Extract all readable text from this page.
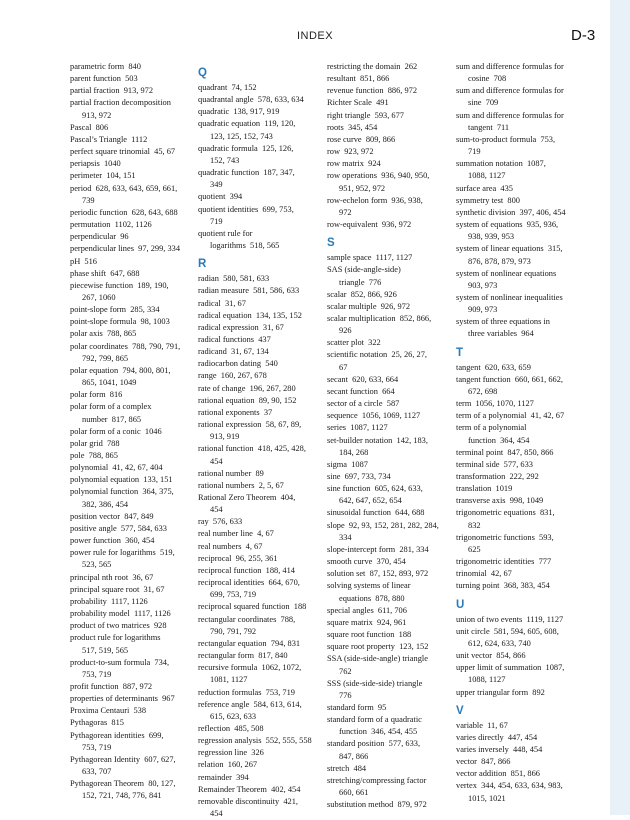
INDEX	D-3
parametric form  840
parent function  503
partial fraction  913, 972
partial fraction decomposition
913, 972
Pascal  806
Pascal’s Triangle  1112
perfect square trinomial  45, 67
periapsis  1040
perimeter  104, 151
period  628, 633, 643, 659, 661,
739
periodic function  628, 643, 688
permutation  1102, 1126
perpendicular  96
perpendicular lines  97, 299, 334
pH  516
phase shift  647, 688
piecewise function  189, 190,
267, 1060
point-slope form  285, 334
point-slope formula  98, 1003
polar axis  788, 865
polar coordinates  788, 790, 791,
792, 799, 865
polar equation  794, 800, 801,
865, 1041, 1049
polar form  816
polar form of a complex
number  817, 865
polar form of a conic  1046
polar grid  788
pole  788, 865
polynomial  41, 42, 67, 404
polynomial equation  133, 151
polynomial function  364, 375,
382, 386, 454
position vector  847, 849
positive angle  577, 584, 633
power function  360, 454
power rule for logarithms  519,
523, 565
principal nth root  36, 67
principal square root  31, 67
probability  1117, 1126
probability model  1117, 1126
product of two matrices  928
product rule for logarithms
517, 519, 565
product-to-sum formula  734,
753, 719
profit function  887, 972
properties of determinants  967
Proxima Centauri  538
Pythagoras  815
Pythagorean identities  699,
753, 719
Pythagorean Identity  607, 627,
633, 707
Pythagorean Theorem  80, 127,
152, 721, 748, 776, 841
Q
quadrant  74, 152
quadrantal angle  578, 633, 634
quadratic  138, 917, 919
quadratic equation  119, 120,
123, 125, 152, 743
quadratic formula  125, 126,
152, 743
quadratic function  187, 347,
349
quotient  394
quotient identities  699, 753,
719
quotient rule for
logarithms  518, 565
R
radian  580, 581, 633
radian measure  581, 586, 633
radical  31, 67
radical equation  134, 135, 152
radical expression  31, 67
radical functions  437
radicand  31, 67, 134
radiocarbon dating  540
range  160, 267, 678
rate of change  196, 267, 280
rational equation  89, 90, 152
rational exponents  37
rational expression  58, 67, 89,
913, 919
rational function  418, 425, 428,
454
rational number  89
rational numbers  2, 5, 67
Rational Zero Theorem  404,
454
ray  576, 633
real number line  4, 67
real numbers  4, 67
reciprocal  96, 255, 361
reciprocal function  188, 414
reciprocal identities  664, 670,
699, 753, 719
reciprocal squared function  188
rectangular coordinates  788,
790, 791, 792
rectangular equation  794, 831
rectangular form  817, 840
recursive formula  1062, 1072,
1081, 1127
reduction formulas  753, 719
reference angle  584, 613, 614,
615, 623, 633
reflection  485, 508
regression analysis  552, 555, 558
regression line  326
relation  160, 267
remainder  394
Remainder Theorem  402, 454
removable discontinuity  421,
454
restricting the domain  262
resultant  851, 866
revenue function  886, 972
Richter Scale  491
right triangle  593, 677
roots  345, 454
rose curve  809, 866
row  923, 972
row matrix  924
row operations  936, 940, 950,
951, 952, 972
row-echelon form  936, 938,
972
row-equivalent  936, 972
S
sample space  1117, 1127
SAS (side-angle-side)
triangle  776
scalar  852, 866, 926
scalar multiple  926, 972
scalar multiplication  852, 866,
926
scatter plot  322
scientific notation  25, 26, 27,
67
secant  620, 633, 664
secant function  664
sector of a circle  587
sequence  1056, 1069, 1127
series  1087, 1127
set-builder notation  142, 183,
184, 268
sigma  1087
sine  697, 733, 734
sine function  605, 624, 633,
642, 647, 652, 654
sinusoidal function  644, 688
slope  92, 93, 152, 281, 282, 284,
334
slope-intercept form  281, 334
smooth curve  370, 454
solution set  87, 152, 893, 972
solving systems of linear
equations  878, 880
special angles  611, 706
square matrix  924, 961
square root function  188
square root property  123, 152
SSA (side-side-angle) triangle
762
SSS (side-side-side) triangle
776
standard form  95
standard form of a quadratic
function  346, 454, 455
standard position  577, 633,
847, 866
stretch  484
stretching/compressing factor
660, 661
substitution method  879, 972
sum and difference formulas for
cosine  708
sum and difference formulas for
sine  709
sum and difference formulas for
tangent  711
sum-to-product formula  753,
719
summation notation  1087,
1088, 1127
surface area  435
symmetry test  800
synthetic division  397, 406, 454
system of equations  935, 936,
938, 939, 953
system of linear equations  315,
876, 878, 879, 973
system of nonlinear equations
903, 973
system of nonlinear inequalities
909, 973
system of three equations in
three variables  964
T
tangent  620, 633, 659
tangent function  660, 661, 662,
672, 698
term  1056, 1070, 1127
term of a polynomial  41, 42, 67
term of a polynomial
function  364, 454
terminal point  847, 850, 866
terminal side  577, 633
transformation  222, 292
translation  1019
transverse axis  998, 1049
trigonometric equations  831,
832
trigonometric functions  593,
625
trigonometric identities  777
trinomial  42, 67
turning point  368, 383, 454
U
union of two events  1119, 1127
unit circle  581, 594, 605, 608,
612, 624, 633, 740
unit vector  854, 866
upper limit of summation  1087,
1088, 1127
upper triangular form  892
V
variable  11, 67
varies directly  447, 454
varies inversely  448, 454
vector  847, 866
vector addition  851, 866
vertex  344, 454, 633, 634, 983,
1015, 1021
